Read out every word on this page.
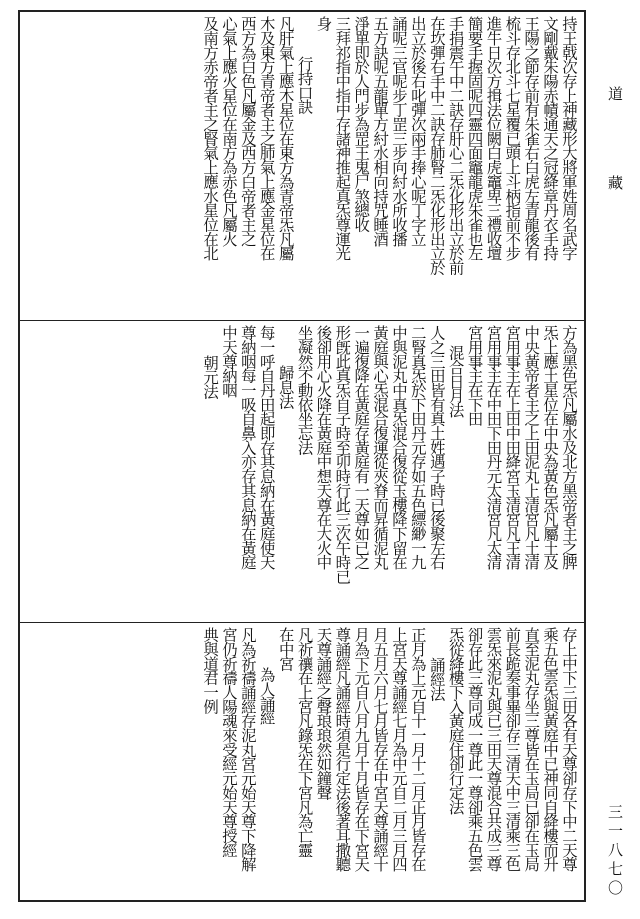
持王戟次存上神藏形大將軍姓周名武字
文剛戴朱陽赤幘通天之冠絳章丹衣手持
王陽之節存前有朱雀右白虎左青龍後有
梳斗存北斗七星覆已頭上斗柄指前不步
進牛日次方揖法位闕白虎竈卑三禮收壇
簡要手握固呢四靈四面竈龍虎朱雀也左
手捐震午中二訣存肝心二炁化形出立於前
在坎彈右手中二訣存肺腎二炁化形出立於
出立於後右叱彈次兩手捧心呢丁字立
誦呢三官呢步丁罡三步向紂水所收播
五方訣呢五龍單方紂水相向持咒睡酒
淨單即於人門步為罡王鬼尸煞總收
三拜祁指中指中存諸神推起真炁尊運光
身
行持口訣
凡肝氣上應木星位在東方為青帝炁凡屬
木及東方青帝者主之肺氣上應金星位在
西方為白色凡屬金及西方白帝者主之
心氣上應火星位在南方為赤色凡屬火
及南方赤帝者主之腎氣上應水星位在北
方為黑色炁凡屬水及北方黑帝者主之脾
炁上應土星位在中央為黃色炁凡屬土及
中央黃帝者主之上田泥丸上清宮凡土清
宮用事主在上田中田絳宮玉清宮凡王清
宮用事主在中田下田丹元太清宮凡太清
宮用事主在下田
混合日月法
人之三田皆有真土姓遇子時已後聚左右
二腎真炁於下田丹元存如五色縹緲一九
中與泥丸中真炁混合復從玉樓降下留在
黃庭與心炁混合復運從夾脊而昇循泥丸
一遍復降在黃庭存黃庭有一天尊如已之
形旣此真炁自子時至卯時行此三次午時已
後卻用心火降在黃庭中想天尊在大火中
坐凝然不動依坐忘法
歸息法
每一呼自丹田起即存其息納在黃庭使天
尊納咽每一吸自鼻入亦存其息納在黃庭
中天尊納咽
朝元法
存上中下三田各有天尊卻存下中二天尊
乘五色雲炁與黃庭中已神同自絳樓而升
直至泥丸存坐三尊皆在玉局已卻在玉局
前長跪奏事畢卻存三清天中三清乘三色
雲炁來泥丸與已三田天尊混合共成三尊
卻存此三尊同成一尊此一尊卻乘五色雲
炁從絳樓下入黃庭住卻行定法
誦經法
正月為上元自十一月十二月正月皆存在
上宮天尊誦經七月為中元自二月三月四
月五月六月七月皆存在中宮天尊誦經十
月為下元自八月九月十月皆存在下宮天
尊誦經凡誦經時須是行定法後著耳撒聽
天尊誦經之聲琅琅然如鐘聲
凡祈禳在上宮凡錄炁在下宮凡為亡靈
在中宮
為人誦經
凡為祈禱誦經存泥丸宮元始天尊下降解
宮仍祈禱人陽魂來受經元始天尊授經
典與道君一例
道 藏
三一八七〇
